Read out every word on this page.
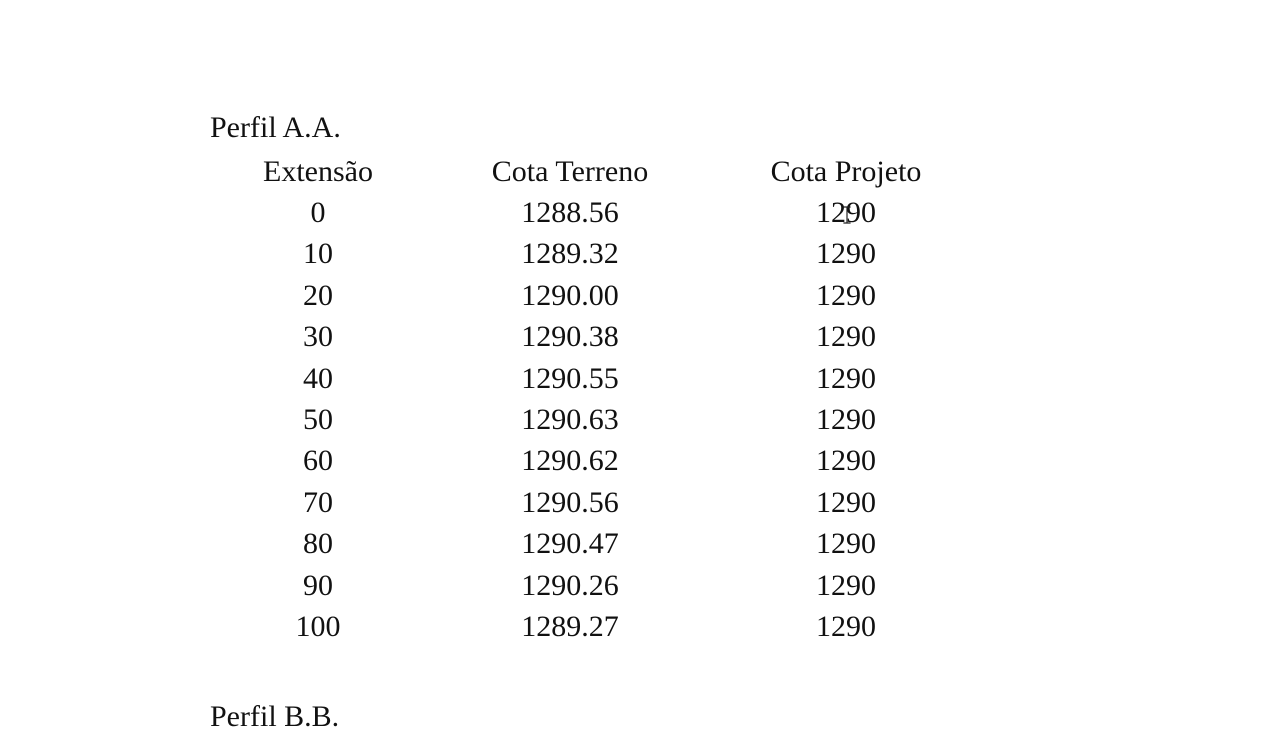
Perfil A.A.
Extensão	Cota Terreno	Cota Projeto
0	1288.56	1290
10	1289.32	1290
20	1290.00	1290
30	1290.38	1290
40	1290.55	1290
50	1290.63	1290
60	1290.62	1290
70	1290.56	1290
80	1290.47	1290
90	1290.26	1290
100	1289.27	1290
Perfil B.B.
